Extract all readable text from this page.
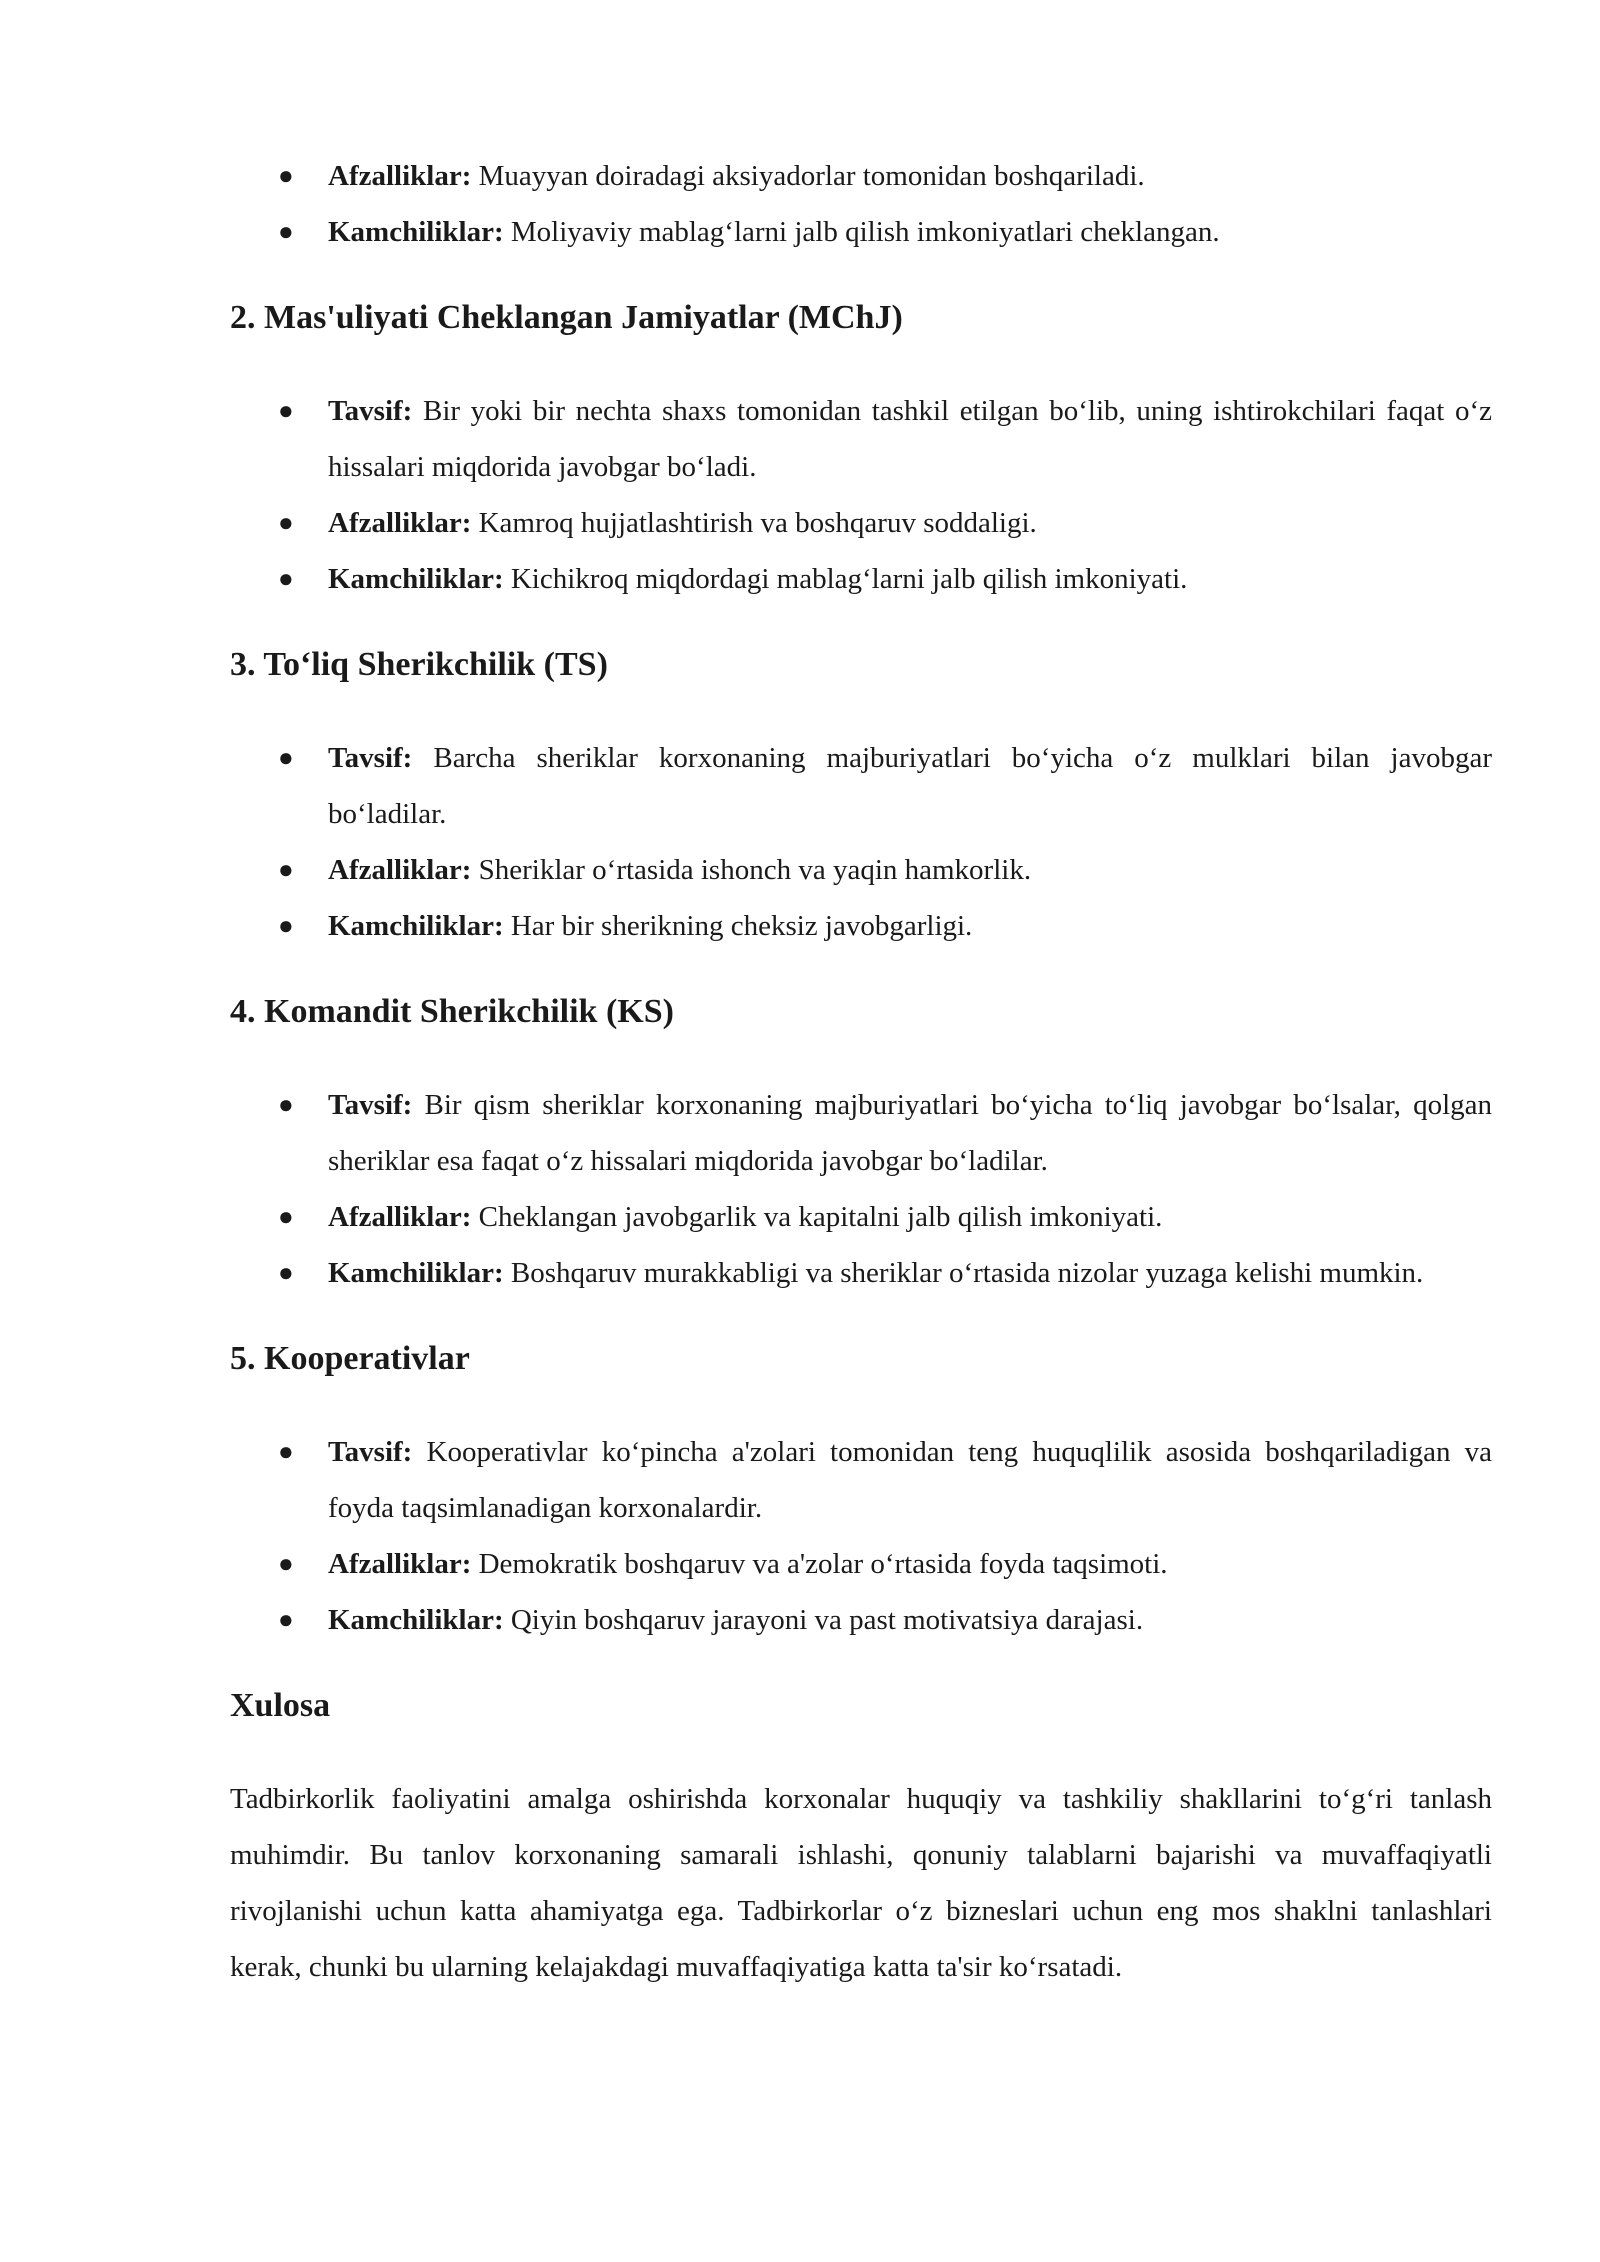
● Afzalliklar: Muayyan doiradagi aksiyadorlar tomonidan boshqariladi.
● Kamchiliklar: Moliyaviy mablag‘larni jalb qilish imkoniyatlari cheklangan.
2. Mas'uliyati Cheklangan Jamiyatlar (MChJ)
● Tavsif: Bir yoki bir nechta shaxs tomonidan tashkil etilgan bo‘lib, uning ishtirokchilari faqat o‘z hissalari miqdorida javobgar bo‘ladi.
● Afzalliklar: Kamroq hujjatlashtirish va boshqaruv soddaligi.
● Kamchiliklar: Kichikroq miqdordagi mablag‘larni jalb qilish imkoniyati.
3. To‘liq Sherikchilik (TS)
● Tavsif: Barcha sheriklar korxonaning majburiyatlari bo‘yicha o‘z mulklari bilan javobgar bo‘ladilar.
● Afzalliklar: Sheriklar o‘rtasida ishonch va yaqin hamkorlik.
● Kamchiliklar: Har bir sherikning cheksiz javobgarligi.
4. Komandit Sherikchilik (KS)
● Tavsif: Bir qism sheriklar korxonaning majburiyatlari bo‘yicha to‘liq javobgar bo‘lsalar, qolgan sheriklar esa faqat o‘z hissalari miqdorida javobgar bo‘ladilar.
● Afzalliklar: Cheklangan javobgarlik va kapitalni jalb qilish imkoniyati.
● Kamchiliklar: Boshqaruv murakkabligi va sheriklar o‘rtasida nizolar yuzaga kelishi mumkin.
5. Kooperativlar
● Tavsif: Kooperativlar ko‘pincha a'zolari tomonidan teng huquqlilik asosida boshqariladigan va foyda taqsimlanadigan korxonalardir.
● Afzalliklar: Demokratik boshqaruv va a'zolar o‘rtasida foyda taqsimoti.
● Kamchiliklar: Qiyin boshqaruv jarayoni va past motivatsiya darajasi.
Xulosa

Tadbirkorlik faoliyatini amalga oshirishda korxonalar huquqiy va tashkiliy shakllarini to‘g‘ri tanlash muhimdir. Bu tanlov korxonaning samarali ishlashi, qonuniy talablarni bajarishi va muvaffaqiyatli rivojlanishi uchun katta ahamiyatga ega. Tadbirkorlar o‘z bizneslari uchun eng mos shaklni tanlashlari kerak, chunki bu ularning kelajakdagi muvaffaqiyatiga katta ta'sir ko‘rsatadi.
